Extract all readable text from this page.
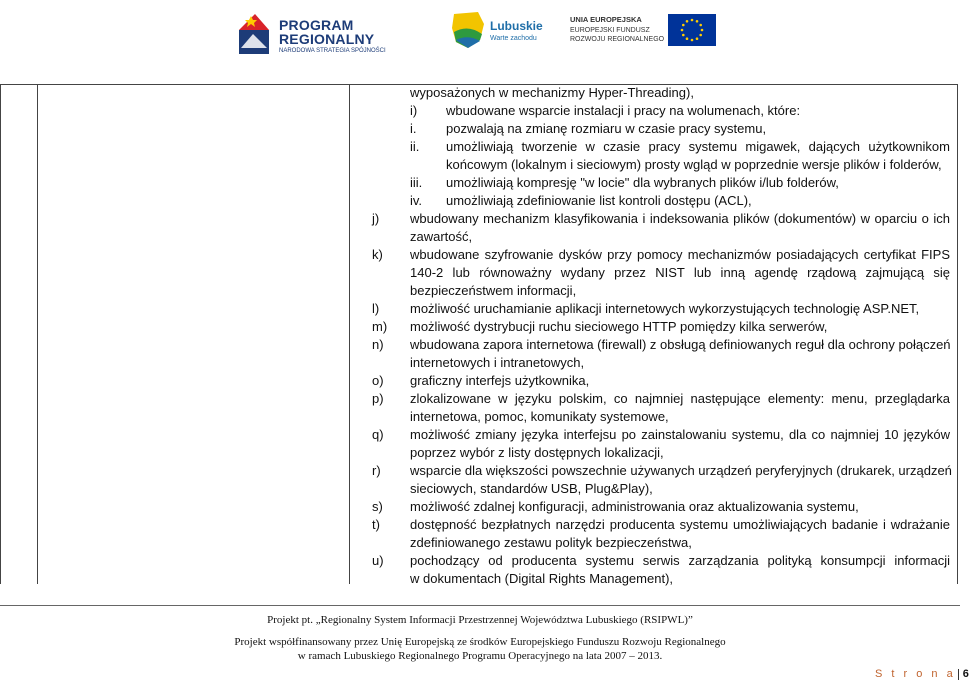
PROGRAM
REGIONALNY
NARODOWA STRATEGIA SPÓJNOŚCI
Lubuskie
Warte zachodu
UNIA EUROPEJSKA
EUROPEJSKI FUNDUSZ
ROZWOJU REGIONALNEGO
wyposażonych w mechanizmy Hyper-Threading),
i) wbudowane wsparcie instalacji i pracy na wolumenach, które:
i. pozwalają na zmianę rozmiaru w czasie pracy systemu,
ii. umożliwiają tworzenie w czasie pracy systemu migawek, dających użytkownikom
końcowym (lokalnym i sieciowym) prosty wgląd w poprzednie wersje plików i folderów,
iii. umożliwiają kompresję "w locie" dla wybranych plików i/lub folderów,
iv. umożliwiają zdefiniowanie list kontroli dostępu (ACL),
j) wbudowany mechanizm klasyfikowania i indeksowania plików (dokumentów) w oparciu o ich
zawartość,
k) wbudowane szyfrowanie dysków przy pomocy mechanizmów posiadających certyfikat FIPS
140-2 lub równoważny wydany przez NIST lub inną agendę rządową zajmującą się
bezpieczeństwem informacji,
l) możliwość uruchamianie aplikacji internetowych wykorzystujących technologię ASP.NET,
m) możliwość dystrybucji ruchu sieciowego HTTP pomiędzy kilka serwerów,
n) wbudowana zapora internetowa (firewall) z obsługą definiowanych reguł dla ochrony połączeń
internetowych i intranetowych,
o) graficzny interfejs użytkownika,
p) zlokalizowane w języku polskim, co najmniej następujące elementy: menu, przeglądarka
internetowa, pomoc, komunikaty systemowe,
q) możliwość zmiany języka interfejsu po zainstalowaniu systemu, dla co najmniej 10 języków
poprzez wybór z listy dostępnych lokalizacji,
r) wsparcie dla większości powszechnie używanych urządzeń peryferyjnych (drukarek, urządzeń
sieciowych, standardów USB, Plug&Play),
s) możliwość zdalnej konfiguracji, administrowania oraz aktualizowania systemu,
t) dostępność bezpłatnych narzędzi producenta systemu umożliwiających badanie i wdrażanie
zdefiniowanego zestawu polityk bezpieczeństwa,
u) pochodzący od producenta systemu serwis zarządzania polityką konsumpcji informacji
w dokumentach (Digital Rights Management),
Projekt pt. „Regionalny System Informacji Przestrzennej Województwa Lubuskiego (RSIPWL)”
Projekt współfinansowany przez Unię Europejską ze środków Europejskiego Funduszu Rozwoju Regionalnego
w ramach Lubuskiego Regionalnego Programu Operacyjnego na lata 2007 – 2013.
S t r o n a 6
